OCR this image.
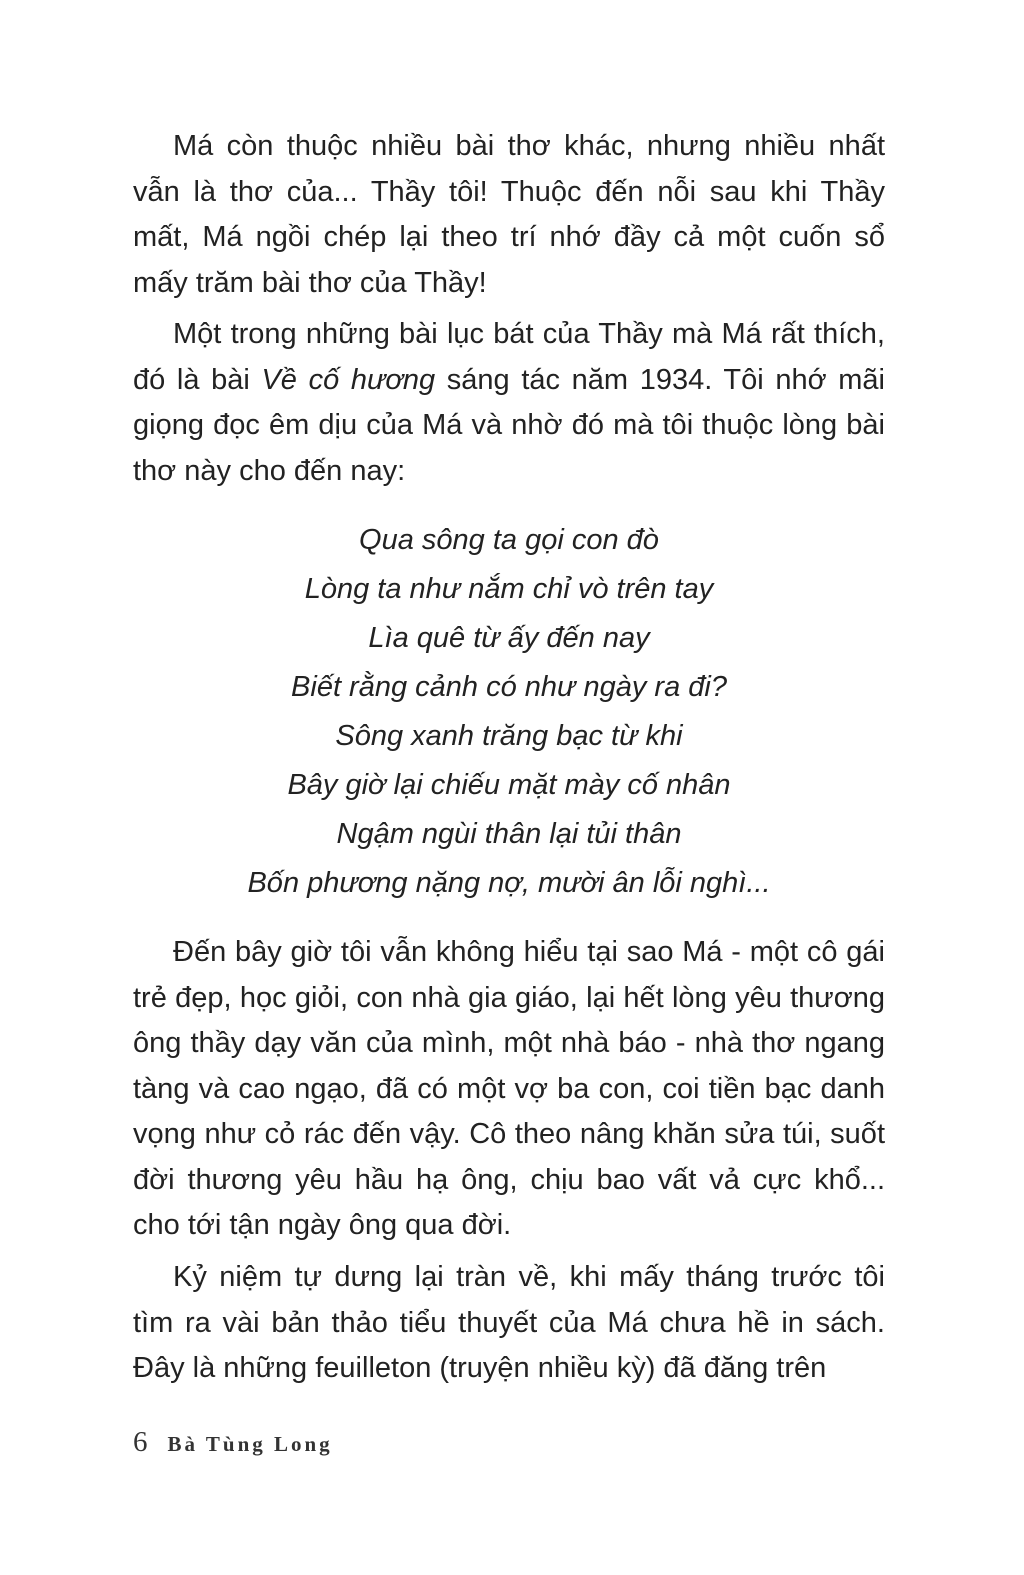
Má còn thuộc nhiều bài thơ khác, nhưng nhiều nhất vẫn là thơ của... Thầy tôi! Thuộc đến nỗi sau khi Thầy mất, Má ngồi chép lại theo trí nhớ đầy cả một cuốn sổ mấy trăm bài thơ của Thầy!

Một trong những bài lục bát của Thầy mà Má rất thích, đó là bài Về cố hương sáng tác năm 1934. Tôi nhớ mãi giọng đọc êm dịu của Má và nhờ đó mà tôi thuộc lòng bài thơ này cho đến nay:

Qua sông ta gọi con đò
Lòng ta như nắm chỉ vò trên tay
Lìa quê từ ấy đến nay
Biết rằng cảnh có như ngày ra đi?
Sông xanh trăng bạc từ khi
Bây giờ lại chiếu mặt mày cố nhân
Ngậm ngùi thân lại tủi thân
Bốn phương nặng nợ, mười ân lỗi nghì...

Đến bây giờ tôi vẫn không hiểu tại sao Má - một cô gái trẻ đẹp, học giỏi, con nhà gia giáo, lại hết lòng yêu thương ông thầy dạy văn của mình, một nhà báo - nhà thơ ngang tàng và cao ngạo, đã có một vợ ba con, coi tiền bạc danh vọng như cỏ rác đến vậy. Cô theo nâng khăn sửa túi, suốt đời thương yêu hầu hạ ông, chịu bao vất vả cực khổ... cho tới tận ngày ông qua đời.

Kỷ niệm tự dưng lại tràn về, khi mấy tháng trước tôi tìm ra vài bản thảo tiểu thuyết của Má chưa hề in sách. Đây là những feuilleton (truyện nhiều kỳ) đã đăng trên

6 Bà Tùng Long
